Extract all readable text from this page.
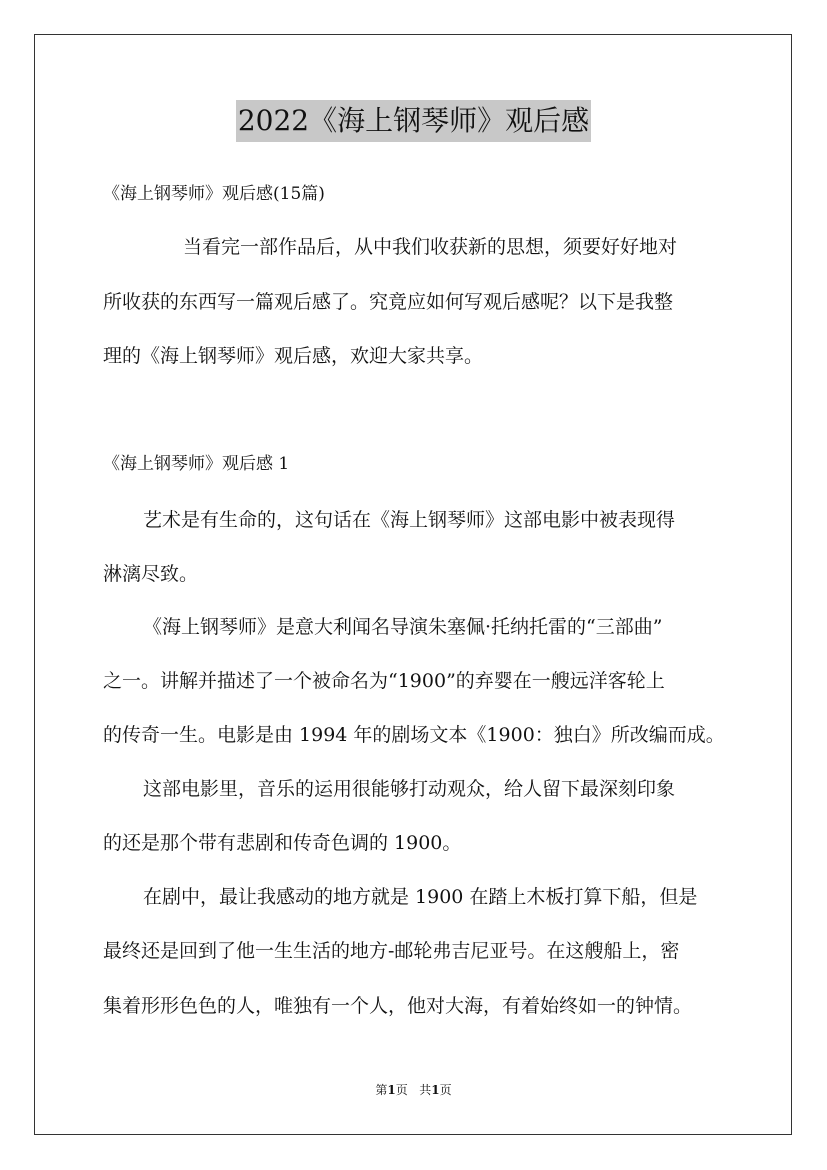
2022《海上钢琴师》观后感
《海上钢琴师》观后感(15篇)
当看完一部作品后，从中我们收获新的思想，须要好好地对
所收获的东西写一篇观后感了。究竟应如何写观后感呢？以下是我整
理的《海上钢琴师》观后感，欢迎大家共享。
《海上钢琴师》观后感 1
艺术是有生命的，这句话在《海上钢琴师》这部电影中被表现得
淋漓尽致。
《海上钢琴师》是意大利闻名导演朱塞佩·托纳托雷的“三部曲”
之一。讲解并描述了一个被命名为“1900”的弃婴在一艘远洋客轮上
的传奇一生。电影是由 1994 年的剧场文本《1900：独白》所改编而成。
这部电影里，音乐的运用很能够打动观众，给人留下最深刻印象
的还是那个带有悲剧和传奇色调的 1900。
在剧中，最让我感动的地方就是 1900 在踏上木板打算下船，但是
最终还是回到了他一生生活的地方-邮轮弗吉尼亚号。在这艘船上，密
集着形形色色的人，唯独有一个人，他对大海，有着始终如一的钟情。
第1页 共1页
